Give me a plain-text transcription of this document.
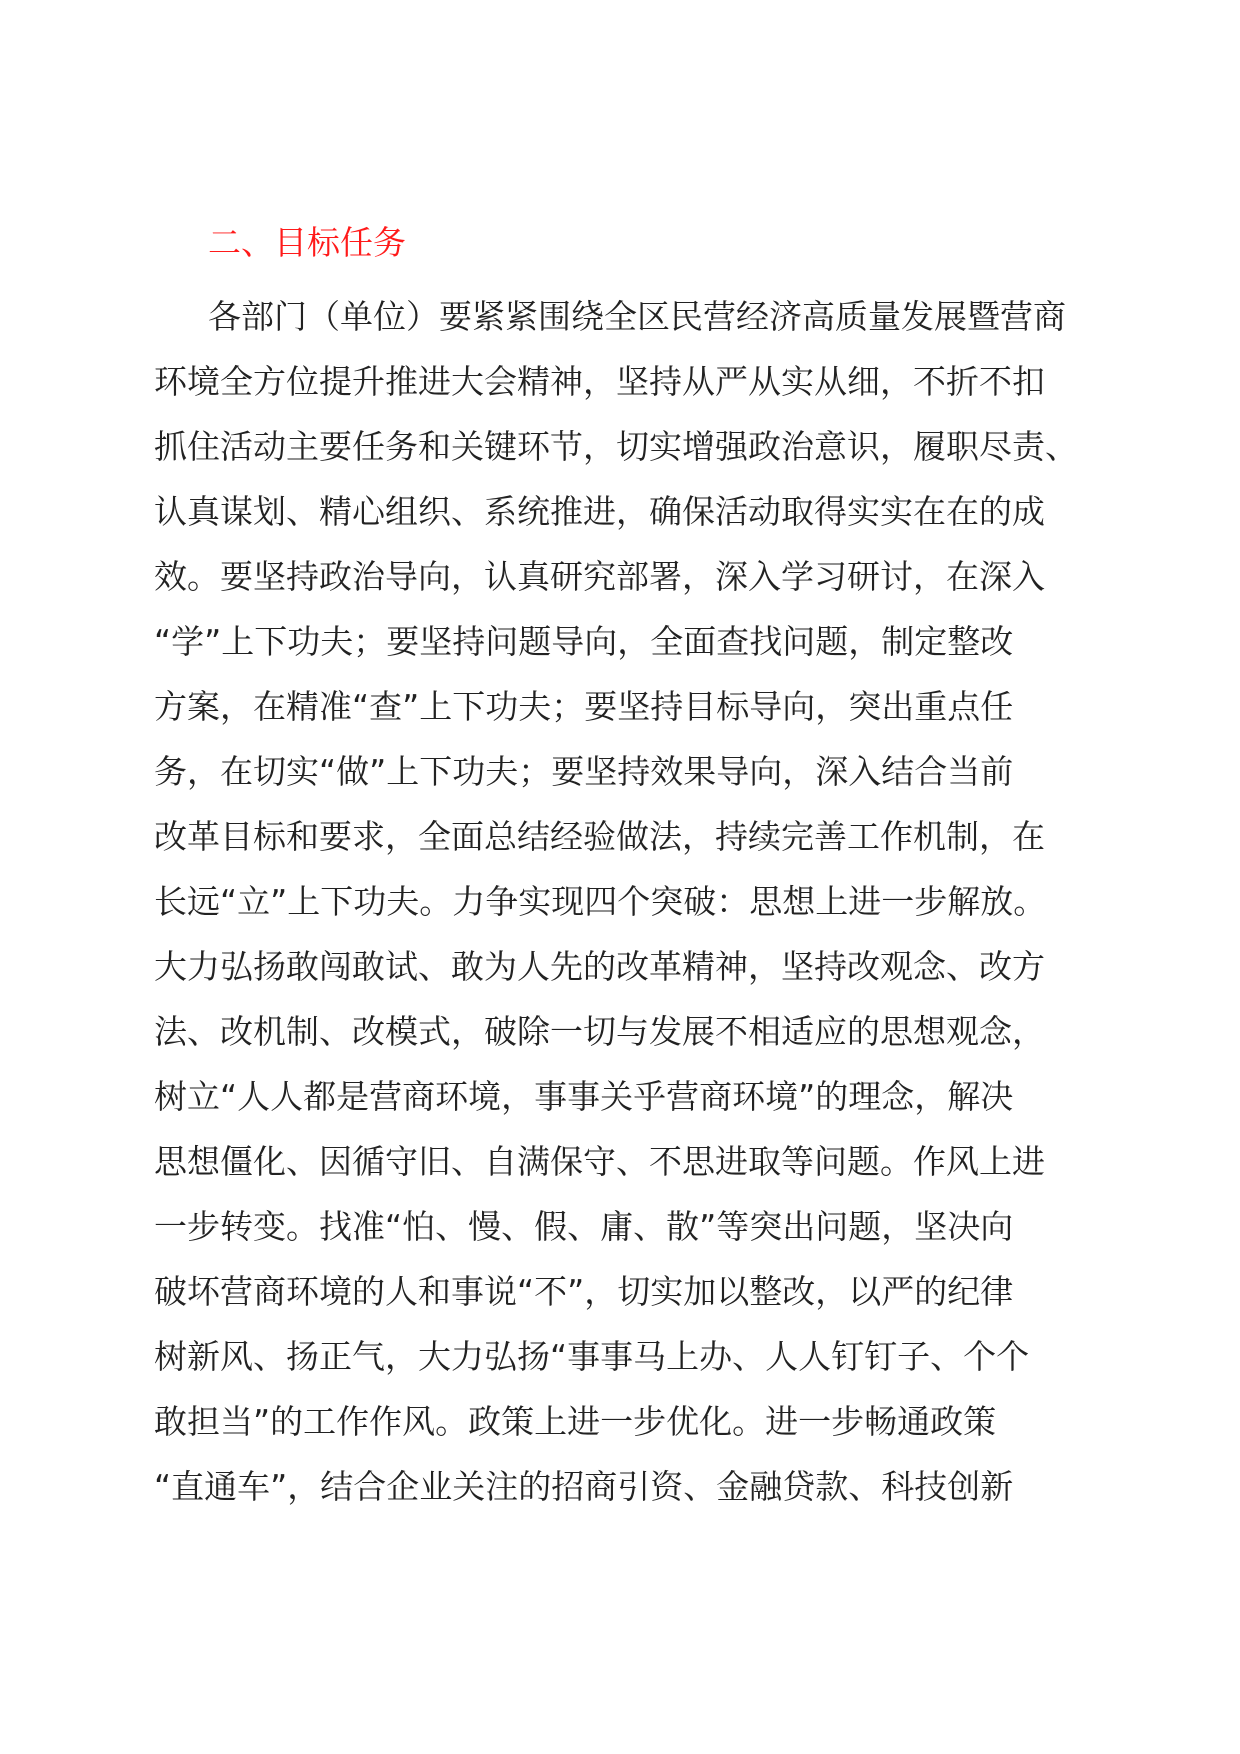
二、目标任务
各部门（单位）要紧紧围绕全区民营经济高质量发展暨营商
环境全方位提升推进大会精神，坚持从严从实从细，不折不扣
抓住活动主要任务和关键环节，切实增强政治意识，履职尽责、
认真谋划、精心组织、系统推进，确保活动取得实实在在的成
效。要坚持政治导向，认真研究部署，深入学习研讨，在深入
“学”上下功夫；要坚持问题导向，全面查找问题，制定整改
方案，在精准“查”上下功夫；要坚持目标导向，突出重点任
务，在切实“做”上下功夫；要坚持效果导向，深入结合当前
改革目标和要求，全面总结经验做法，持续完善工作机制，在
长远“立”上下功夫。力争实现四个突破：思想上进一步解放。
大力弘扬敢闯敢试、敢为人先的改革精神，坚持改观念、改方
法、改机制、改模式，破除一切与发展不相适应的思想观念，
树立“人人都是营商环境，事事关乎营商环境”的理念，解决
思想僵化、因循守旧、自满保守、不思进取等问题。作风上进
一步转变。找准“怕、慢、假、庸、散”等突出问题，坚决向
破坏营商环境的人和事说“不”，切实加以整改，以严的纪律
树新风、扬正气，大力弘扬“事事马上办、人人钉钉子、个个
敢担当”的工作作风。政策上进一步优化。进一步畅通政策
“直通车”，结合企业关注的招商引资、金融贷款、科技创新
